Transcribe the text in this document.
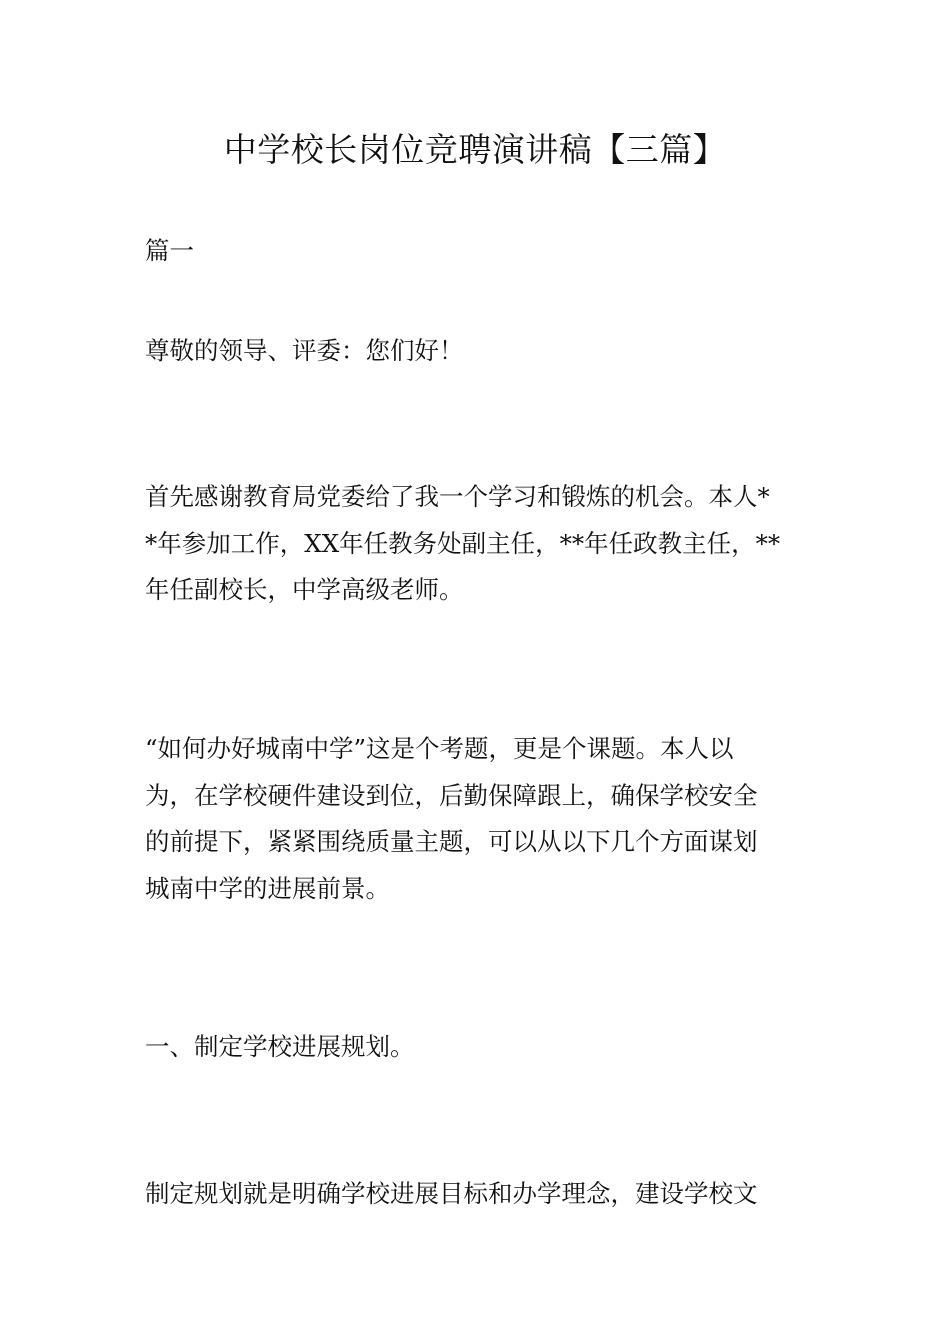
中学校长岗位竞聘演讲稿【三篇】

篇一

尊敬的领导、评委：您们好！

首先感谢教育局党委给了我一个学习和锻炼的机会。本人*
*年参加工作，XX年任教务处副主任，**年任政教主任，**
年任副校长，中学高级老师。

“如何办好城南中学”这是个考题，更是个课题。本人以
为，在学校硬件建设到位，后勤保障跟上，确保学校安全
的前提下，紧紧围绕质量主题，可以从以下几个方面谋划
城南中学的进展前景。

一、制定学校进展规划。

制定规划就是明确学校进展目标和办学理念，建设学校文
